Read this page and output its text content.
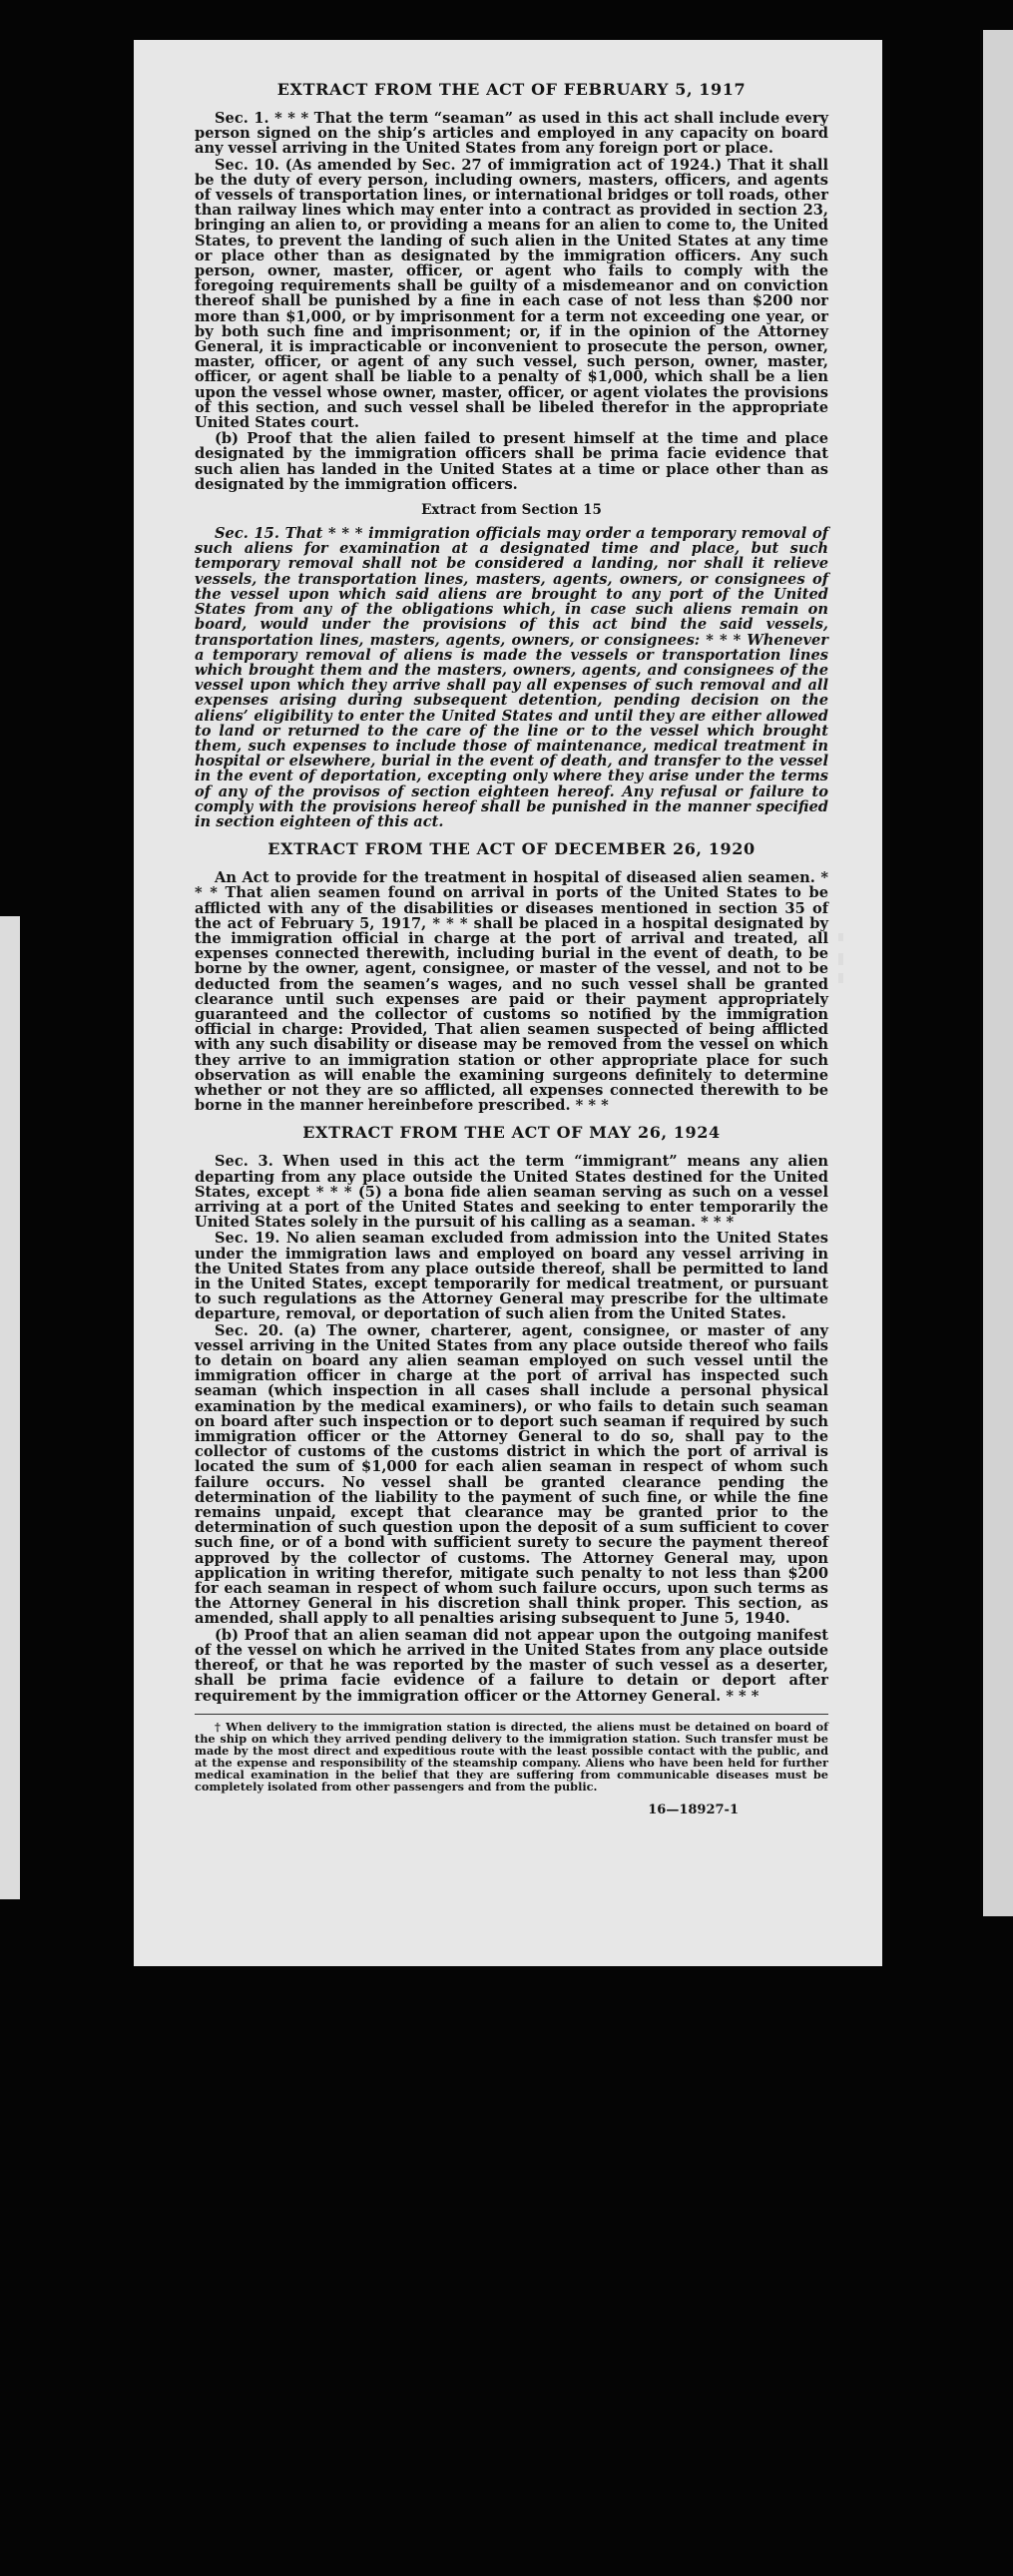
EXTRACT FROM THE ACT OF FEBRUARY 5, 1917

Sec. 1. * * * That the term “seaman” as used in this act shall include every person signed on the ship’s articles and employed in any capacity on board any vessel arriving in the United States from any foreign port or place.

Sec. 10. (As amended by Sec. 27 of immigration act of 1924.) That it shall be the duty of every person, including owners, masters, officers, and agents of vessels of transportation lines, or international bridges or toll roads, other than railway lines which may enter into a contract as provided in section 23, bringing an alien to, or providing a means for an alien to come to, the United States, to prevent the landing of such alien in the United States at any time or place other than as designated by the immigration officers. Any such person, owner, master, officer, or agent who fails to comply with the foregoing requirements shall be guilty of a misdemeanor and on conviction thereof shall be punished by a fine in each case of not less than $200 nor more than $1,000, or by imprisonment for a term not exceeding one year, or by both such fine and imprisonment; or, if in the opinion of the Attorney General, it is impracticable or inconvenient to prosecute the person, owner, master, officer, or agent of any such vessel, such person, owner, master, officer, or agent shall be liable to a penalty of $1,000, which shall be a lien upon the vessel whose owner, master, officer, or agent violates the provisions of this section, and such vessel shall be libeled therefor in the appropriate United States court.

(b) Proof that the alien failed to present himself at the time and place designated by the immigration officers shall be prima facie evidence that such alien has landed in the United States at a time or place other than as designated by the immigration officers.

Extract from Section 15

Sec. 15. That * * * immigration officials may order a temporary removal of such aliens for examination at a designated time and place, but such temporary removal shall not be considered a landing, nor shall it relieve vessels, the transportation lines, masters, agents, owners, or consignees of the vessel upon which said aliens are brought to any port of the United States from any of the obligations which, in case such aliens remain on board, would under the provisions of this act bind the said vessels, transportation lines, masters, agents, owners, or consignees: * * * Whenever a temporary removal of aliens is made the vessels or transportation lines which brought them and the masters, owners, agents, and consignees of the vessel upon which they arrive shall pay all expenses of such removal and all expenses arising during subsequent detention, pending decision on the aliens’ eligibility to enter the United States and until they are either allowed to land or returned to the care of the line or to the vessel which brought them, such expenses to include those of maintenance, medical treatment in hospital or elsewhere, burial in the event of death, and transfer to the vessel in the event of deportation, excepting only where they arise under the terms of any of the provisos of section eighteen hereof. Any refusal or failure to comply with the provisions hereof shall be punished in the manner specified in section eighteen of this act.

EXTRACT FROM THE ACT OF DECEMBER 26, 1920

An Act to provide for the treatment in hospital of diseased alien seamen. * * * That alien seamen found on arrival in ports of the United States to be afflicted with any of the disabilities or diseases mentioned in section 35 of the act of February 5, 1917, * * * shall be placed in a hospital designated by the immigration official in charge at the port of arrival and treated, all expenses connected therewith, including burial in the event of death, to be borne by the owner, agent, consignee, or master of the vessel, and not to be deducted from the seamen’s wages, and no such vessel shall be granted clearance until such expenses are paid or their payment appropriately guaranteed and the collector of customs so notified by the immigration official in charge: Provided, That alien seamen suspected of being afflicted with any such disability or disease may be removed from the vessel on which they arrive to an immigration station or other appropriate place for such observation as will enable the examining surgeons definitely to determine whether or not they are so afflicted, all expenses connected therewith to be borne in the manner hereinbefore prescribed. * * *

EXTRACT FROM THE ACT OF MAY 26, 1924

Sec. 3. When used in this act the term “immigrant” means any alien departing from any place outside the United States destined for the United States, except * * * (5) a bona fide alien seaman serving as such on a vessel arriving at a port of the United States and seeking to enter temporarily the United States solely in the pursuit of his calling as a seaman. * * *

Sec. 19. No alien seaman excluded from admission into the United States under the immigration laws and employed on board any vessel arriving in the United States from any place outside thereof, shall be permitted to land in the United States, except temporarily for medical treatment, or pursuant to such regulations as the Attorney General may prescribe for the ultimate departure, removal, or deportation of such alien from the United States.

Sec. 20. (a) The owner, charterer, agent, consignee, or master of any vessel arriving in the United States from any place outside thereof who fails to detain on board any alien seaman employed on such vessel until the immigration officer in charge at the port of arrival has inspected such seaman (which inspection in all cases shall include a personal physical examination by the medical examiners), or who fails to detain such seaman on board after such inspection or to deport such seaman if required by such immigration officer or the Attorney General to do so, shall pay to the collector of customs of the customs district in which the port of arrival is located the sum of $1,000 for each alien seaman in respect of whom such failure occurs. No vessel shall be granted clearance pending the determination of the liability to the payment of such fine, or while the fine remains unpaid, except that clearance may be granted prior to the determination of such question upon the deposit of a sum sufficient to cover such fine, or of a bond with sufficient surety to secure the payment thereof approved by the collector of customs. The Attorney General may, upon application in writing therefor, mitigate such penalty to not less than $200 for each seaman in respect of whom such failure occurs, upon such terms as the Attorney General in his discretion shall think proper. This section, as amended, shall apply to all penalties arising subsequent to June 5, 1940.

(b) Proof that an alien seaman did not appear upon the outgoing manifest of the vessel on which he arrived in the United States from any place outside thereof, or that he was reported by the master of such vessel as a deserter, shall be prima facie evidence of a failure to detain or deport after requirement by the immigration officer or the Attorney General. * * *

† When delivery to the immigration station is directed, the aliens must be detained on board of the ship on which they arrived pending delivery to the immigration station. Such transfer must be made by the most direct and expeditious route with the least possible contact with the public, and at the expense and responsibility of the steamship company. Aliens who have been held for further medical examination in the belief that they are suffering from communicable diseases must be completely isolated from other passengers and from the public.

16—18927-1
